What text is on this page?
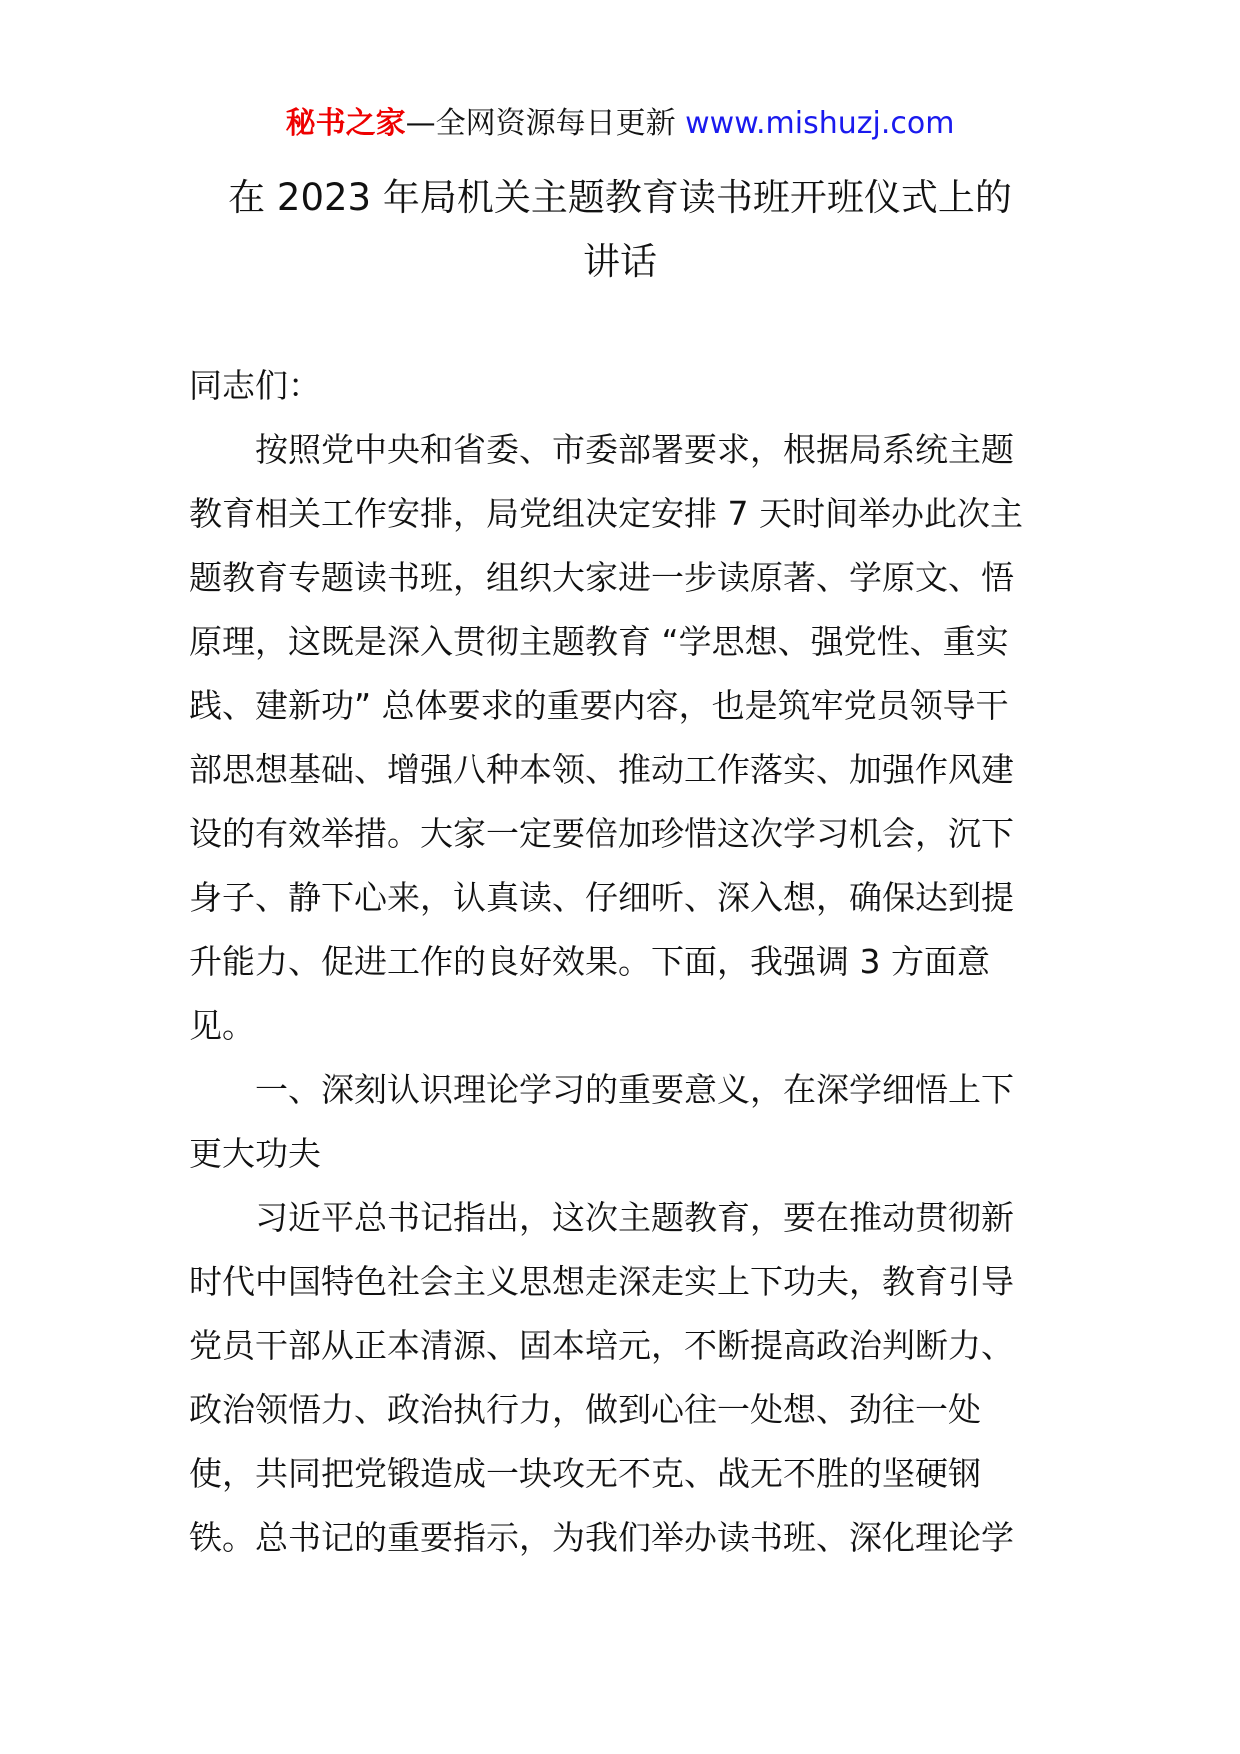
秘书之家—全网资源每日更新 www.mishuzj.com
在 2023 年局机关主题教育读书班开班仪式上的
讲话
同志们：
　　按照党中央和省委、市委部署要求，根据局系统主题
教育相关工作安排，局党组决定安排 7 天时间举办此次主
题教育专题读书班，组织大家进一步读原著、学原文、悟
原理，这既是深入贯彻主题教育 “学思想、强党性、重实
践、建新功” 总体要求的重要内容，也是筑牢党员领导干
部思想基础、增强八种本领、推动工作落实、加强作风建
设的有效举措。大家一定要倍加珍惜这次学习机会，沉下
身子、静下心来，认真读、仔细听、深入想，确保达到提
升能力、促进工作的良好效果。下面，我强调 3 方面意
见。
　　一、深刻认识理论学习的重要意义，在深学细悟上下
更大功夫
　　习近平总书记指出，这次主题教育，要在推动贯彻新
时代中国特色社会主义思想走深走实上下功夫，教育引导
党员干部从正本清源、固本培元，不断提高政治判断力、
政治领悟力、政治执行力，做到心往一处想、劲往一处
使，共同把党锻造成一块攻无不克、战无不胜的坚硬钢
铁。总书记的重要指示，为我们举办读书班、深化理论学
